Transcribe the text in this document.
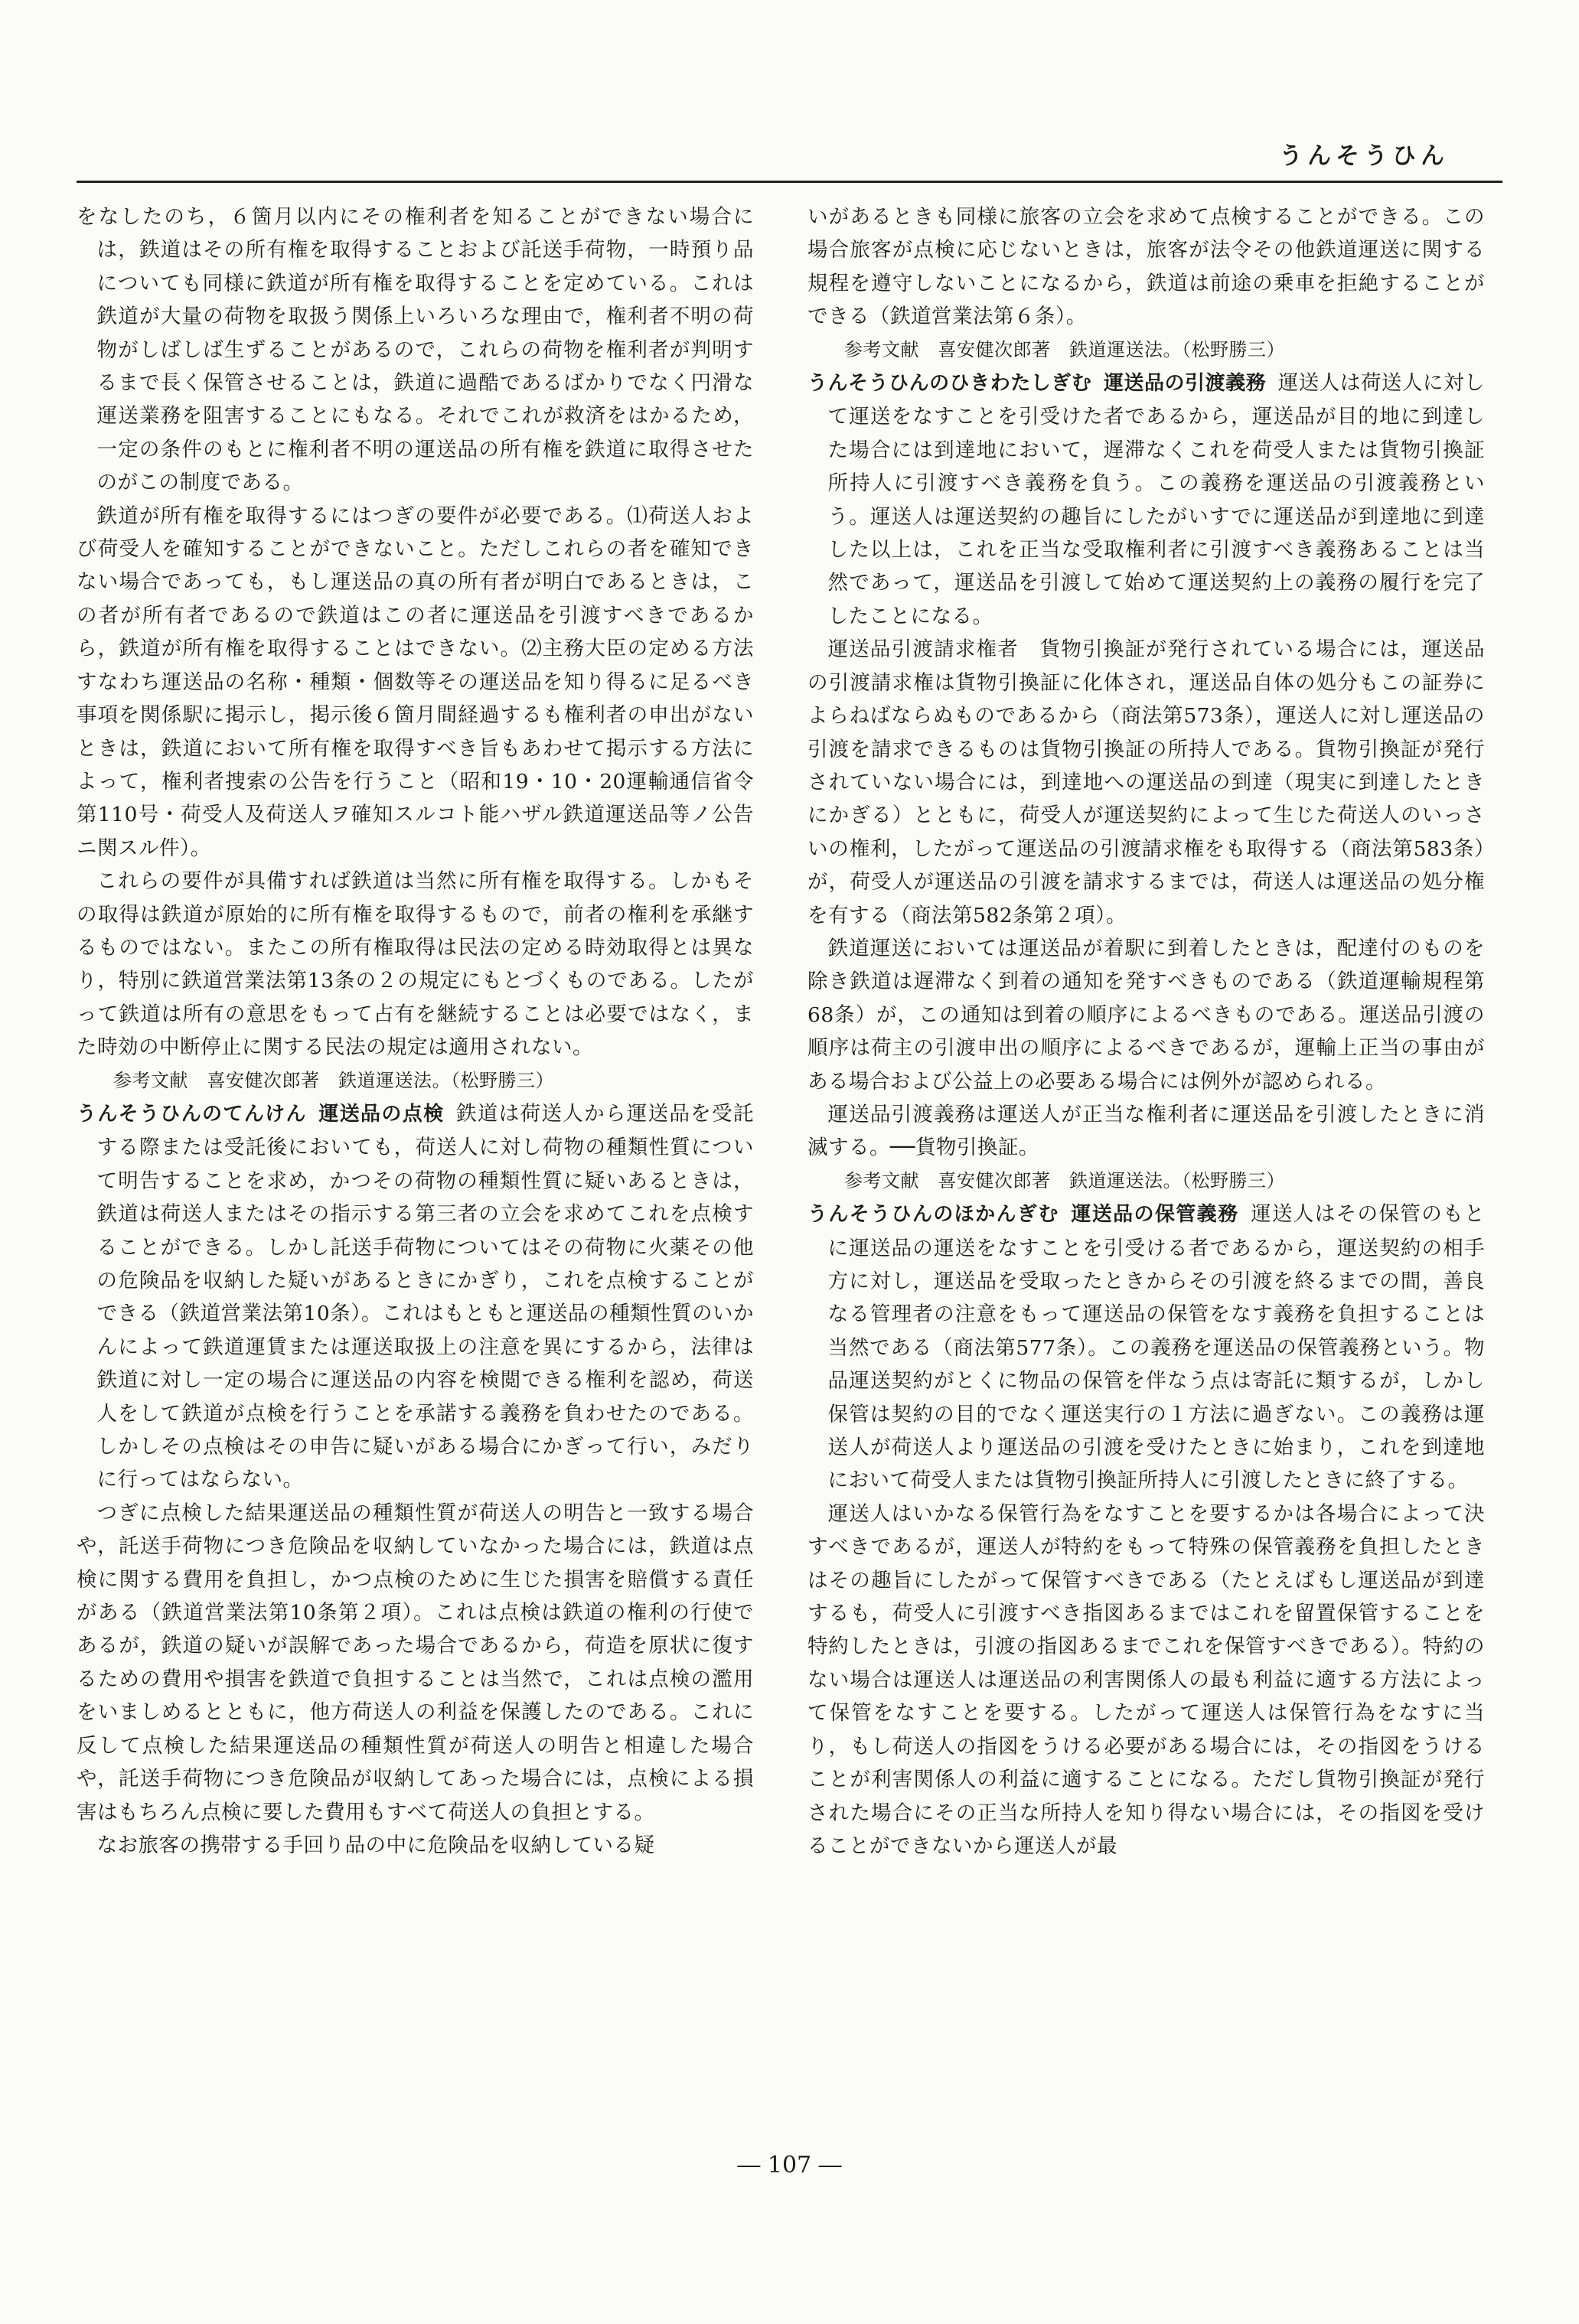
うんそうひん

をなしたのち，６箇月以内にその権利者を知ることができない場合には，鉄道はその所有権を取得することおよび託送手荷物，一時預り品についても同様に鉄道が所有権を取得することを定めている。これは鉄道が大量の荷物を取扱う関係上いろいろな理由で，権利者不明の荷物がしばしば生ずることがあるので，これらの荷物を権利者が判明するまで長く保管させることは，鉄道に過酷であるばかりでなく円滑な運送業務を阻害することにもなる。それでこれが救済をはかるため，一定の条件のもとに権利者不明の運送品の所有権を鉄道に取得させたのがこの制度である。

鉄道が所有権を取得するにはつぎの要件が必要である。⑴荷送人および荷受人を確知することができないこと。ただしこれらの者を確知できない場合であっても，もし運送品の真の所有者が明白であるときは，この者が所有者であるので鉄道はこの者に運送品を引渡すべきであるから，鉄道が所有権を取得することはできない。⑵主務大臣の定める方法すなわち運送品の名称・種類・個数等その運送品を知り得るに足るべき事項を関係駅に掲示し，掲示後６箇月間経過するも権利者の申出がないときは，鉄道において所有権を取得すべき旨もあわせて掲示する方法によって，権利者捜索の公告を行うこと（昭和19・10・20運輸通信省令第110号・荷受人及荷送人ヲ確知スルコト能ハザル鉄道運送品等ノ公告ニ関スル件）。

これらの要件が具備すれば鉄道は当然に所有権を取得する。しかもその取得は鉄道が原始的に所有権を取得するもので，前者の権利を承継するものではない。またこの所有権取得は民法の定める時効取得とは異なり，特別に鉄道営業法第13条の２の規定にもとづくものである。したがって鉄道は所有の意思をもって占有を継続することは必要ではなく，また時効の中断停止に関する民法の規定は適用されない。

参考文献　喜安健次郎著　鉄道運送法。（松野勝三）

うんそうひんのてんけん 運送品の点検 鉄道は荷送人から運送品を受託する際または受託後においても，荷送人に対し荷物の種類性質について明告することを求め，かつその荷物の種類性質に疑いあるときは，鉄道は荷送人またはその指示する第三者の立会を求めてこれを点検することができる。しかし託送手荷物についてはその荷物に火薬その他の危険品を収納した疑いがあるときにかぎり，これを点検することができる（鉄道営業法第10条）。これはもともと運送品の種類性質のいかんによって鉄道運賃または運送取扱上の注意を異にするから，法律は鉄道に対し一定の場合に運送品の内容を検閲できる権利を認め，荷送人をして鉄道が点検を行うことを承諾する義務を負わせたのである。しかしその点検はその申告に疑いがある場合にかぎって行い，みだりに行ってはならない。

つぎに点検した結果運送品の種類性質が荷送人の明告と一致する場合や，託送手荷物につき危険品を収納していなかった場合には，鉄道は点検に関する費用を負担し，かつ点検のために生じた損害を賠償する責任がある（鉄道営業法第10条第２項）。これは点検は鉄道の権利の行使であるが，鉄道の疑いが誤解であった場合であるから，荷造を原状に復するための費用や損害を鉄道で負担することは当然で，これは点検の濫用をいましめるとともに，他方荷送人の利益を保護したのである。これに反して点検した結果運送品の種類性質が荷送人の明告と相違した場合や，託送手荷物につき危険品が収納してあった場合には，点検による損害はもちろん点検に要した費用もすべて荷送人の負担とする。

なお旅客の携帯する手回り品の中に危険品を収納している疑

いがあるときも同様に旅客の立会を求めて点検することができる。この場合旅客が点検に応じないときは，旅客が法令その他鉄道運送に関する規程を遵守しないことになるから，鉄道は前途の乗車を拒絶することができる（鉄道営業法第６条）。

参考文献　喜安健次郎著　鉄道運送法。（松野勝三）

うんそうひんのひきわたしぎむ 運送品の引渡義務 運送人は荷送人に対して運送をなすことを引受けた者であるから，運送品が目的地に到達した場合には到達地において，遅滞なくこれを荷受人または貨物引換証所持人に引渡すべき義務を負う。この義務を運送品の引渡義務という。運送人は運送契約の趣旨にしたがいすでに運送品が到達地に到達した以上は，これを正当な受取権利者に引渡すべき義務あることは当然であって，運送品を引渡して始めて運送契約上の義務の履行を完了したことになる。

運送品引渡請求権者　貨物引換証が発行されている場合には，運送品の引渡請求権は貨物引換証に化体され，運送品自体の処分もこの証券によらねばならぬものであるから（商法第573条），運送人に対し運送品の引渡を請求できるものは貨物引換証の所持人である。貨物引換証が発行されていない場合には，到達地への運送品の到達（現実に到達したときにかぎる）とともに，荷受人が運送契約によって生じた荷送人のいっさいの権利，したがって運送品の引渡請求権をも取得する（商法第583条）が，荷受人が運送品の引渡を請求するまでは，荷送人は運送品の処分権を有する（商法第582条第２項）。

鉄道運送においては運送品が着駅に到着したときは，配達付のものを除き鉄道は遅滞なく到着の通知を発すべきものである（鉄道運輸規程第68条）が，この通知は到着の順序によるべきものである。運送品引渡の順序は荷主の引渡申出の順序によるべきであるが，運輸上正当の事由がある場合および公益上の必要ある場合には例外が認められる。

運送品引渡義務は運送人が正当な権利者に運送品を引渡したときに消滅する。──貨物引換証。

参考文献　喜安健次郎著　鉄道運送法。（松野勝三）

うんそうひんのほかんぎむ 運送品の保管義務 運送人はその保管のもとに運送品の運送をなすことを引受ける者であるから，運送契約の相手方に対し，運送品を受取ったときからその引渡を終るまでの間，善良なる管理者の注意をもって運送品の保管をなす義務を負担することは当然である（商法第577条）。この義務を運送品の保管義務という。物品運送契約がとくに物品の保管を伴なう点は寄託に類するが，しかし保管は契約の目的でなく運送実行の１方法に過ぎない。この義務は運送人が荷送人より運送品の引渡を受けたときに始まり，これを到達地において荷受人または貨物引換証所持人に引渡したときに終了する。

運送人はいかなる保管行為をなすことを要するかは各場合によって決すべきであるが，運送人が特約をもって特殊の保管義務を負担したときはその趣旨にしたがって保管すべきである（たとえばもし運送品が到達するも，荷受人に引渡すべき指図あるまではこれを留置保管することを特約したときは，引渡の指図あるまでこれを保管すべきである）。特約のない場合は運送人は運送品の利害関係人の最も利益に適する方法によって保管をなすことを要する。したがって運送人は保管行為をなすに当り，もし荷送人の指図をうける必要がある場合には，その指図をうけることが利害関係人の利益に適することになる。ただし貨物引換証が発行された場合にその正当な所持人を知り得ない場合には，その指図を受けることができないから運送人が最

― 107 ―
